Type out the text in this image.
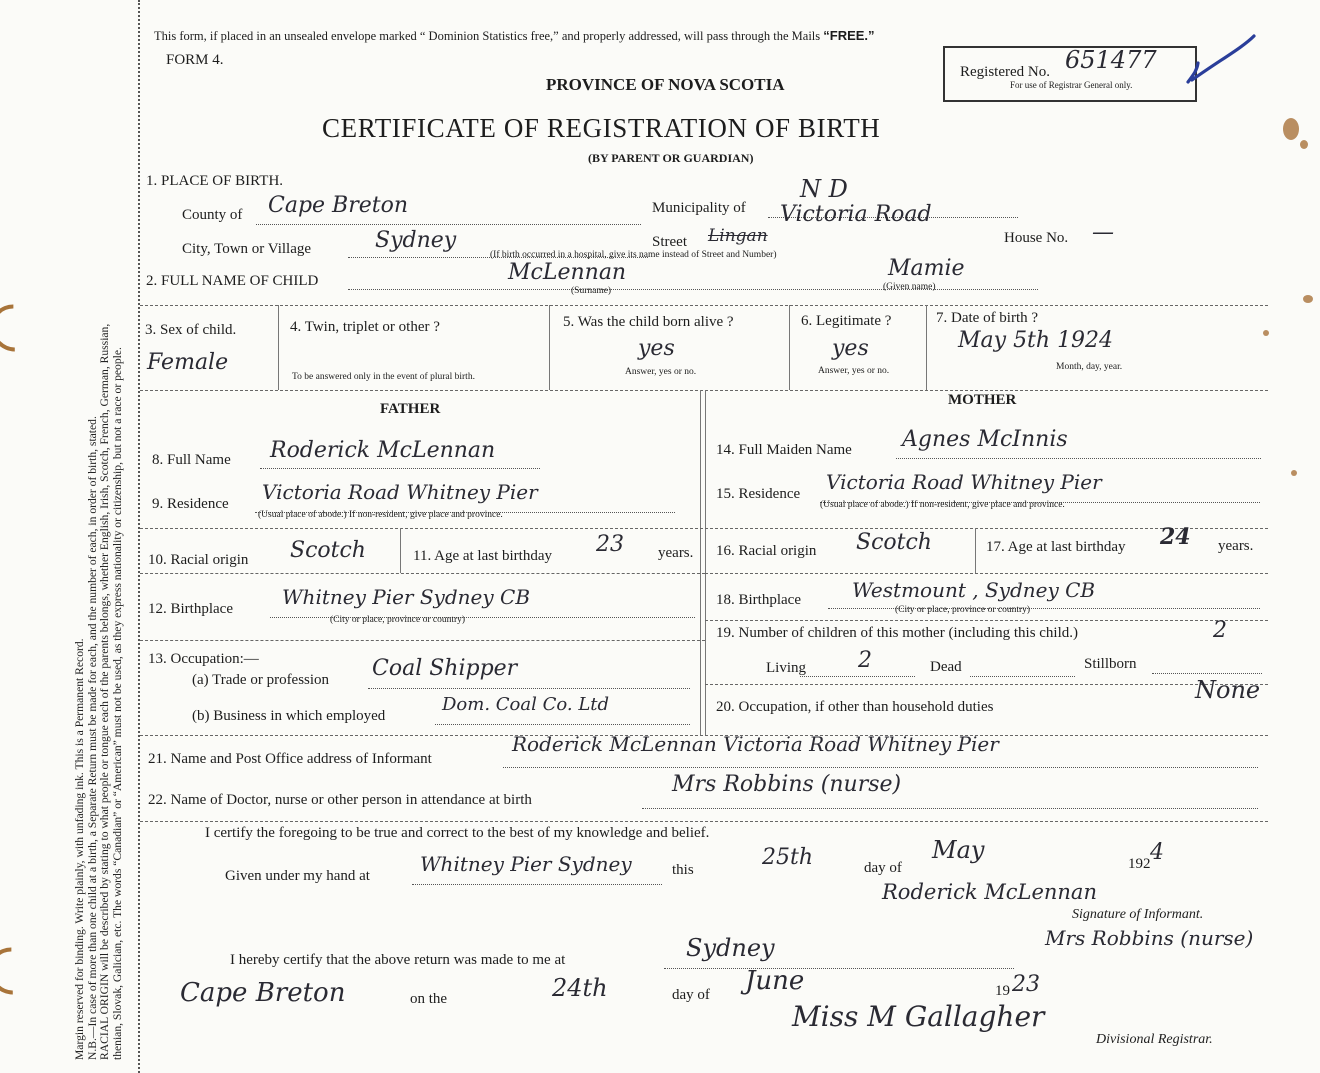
Margin reserved for binding. Write plainly, with unfading ink. This is a Permanent Record. N.B.—In case of more than one child at a birth, a Separate Return must be made for each, and the number of each, in order of birth, stated. RACIAL ORIGIN will be described by stating to what people or tongue each of the parents belongs, whether English, Irish, Scotch, French, German, Russian, thenian, Slovak, Galician, etc. The words “Canadian” or “American” must not be used, as they express nationality or citizenship, but not a race or people.
This form, if placed in an unsealed envelope marked “ Dominion Statistics free,” and properly addressed, will pass through the Mails “FREE.”
FORM 4.
PROVINCE OF NOVA SCOTIA
CERTIFICATE OF REGISTRATION OF BIRTH
(BY PARENT OR GUARDIAN)
Registered No. 651477
For use of Registrar General only.
1. PLACE OF BIRTH.
County of Cape Breton	Municipality of
N D
City, Town or Village	Sydney	Street Lingan
Victoria Road
House No. —
(If birth occurred in a hospital, give its name instead of Street and Number)
2. FULL NAME OF CHILD	McLennan	Mamie
(Surname)	(Given name)
3. Sex of child.
Female
4. Twin, triplet or other ?
To be answered only in the event of plural birth.
5. Was the child born alive ?
yes
Answer, yes or no.
6. Legitimate ?
yes
Answer, yes or no.
7. Date of birth ?
May 5th 1924
Month, day, year.
FATHER
MOTHER
8. Full Name Roderick McLennan
9. Residence Victoria Road Whitney Pier
(Usual place of abode.) If non-resident, give place and province.
10. Racial origin Scotch	11. Age at last birthday 23 years.
12. Birthplace Whitney Pier Sydney CB
(City or place, province or country)
13. Occupation:—
(a) Trade or profession Coal Shipper
(b) Business in which employed
Dom. Coal Co. Ltd
14. Full Maiden Name Agnes McInnis
15. Residence Victoria Road Whitney Pier
(Usual place of abode.) If non-resident, give place and province.
16. Racial origin Scotch	17. Age at last birthday 24 years.
18. Birthplace	Westmount , Sydney CB
(City or place, province or country)
19. Number of children of this mother (including this child.)	2
Living 2	Dead	Stillborn
20. Occupation, if other than household duties
None
21. Name and Post Office address of Informant
Roderick McLennan Victoria Road Whitney Pier
22. Name of Doctor, nurse or other person in attendance at birth
Mrs Robbins (nurse)
I certify the foregoing to be true and correct to the best of my knowledge and belief.
Given under my hand at	Whitney Pier Sydney	this	25th	day of
May	192 4
Roderick McLennan
Signature of Informant.
I hereby certify that the above return was made to me at	Sydney	Mrs Robbins (nurse)
Cape Breton	on the	24th	day of June	19 23
Miss M Gallagher
Divisional Registrar.
